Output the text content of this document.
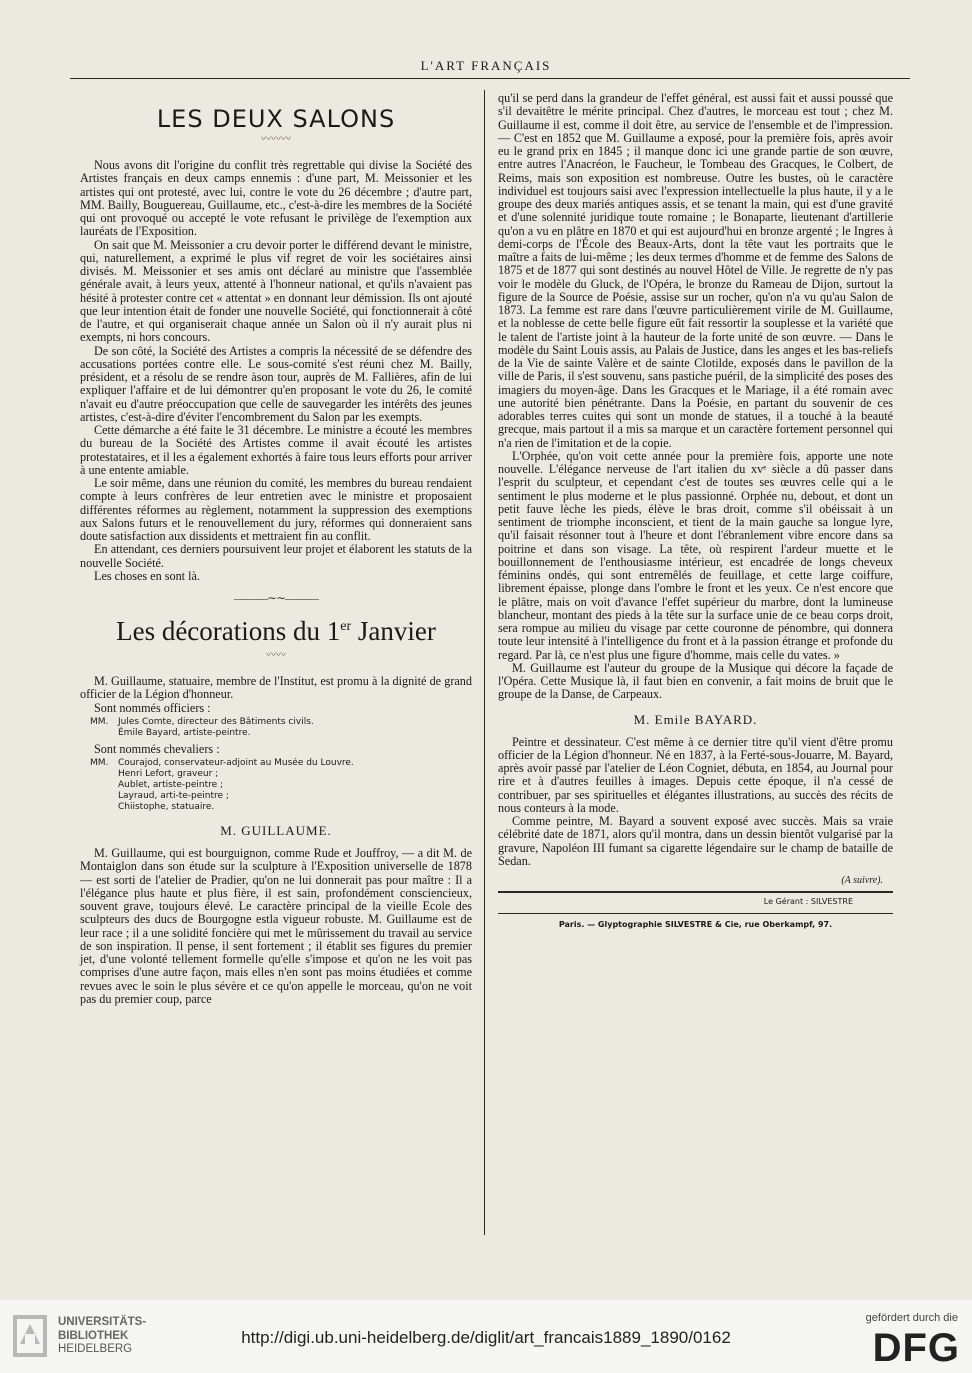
L'ART FRANÇAIS
LES DEUX SALONS
〰〰〰

Nous avons dit l'origine du conflit très regrettable qui divise la Société des Artistes français en deux camps ennemis : d'une part, M. Meissonier et les artistes qui ont protesté, avec lui, contre le vote du 26 décembre ; d'autre part, MM. Bailly, Bouguereau, Guillaume, etc., c'est-à-dire les membres de la Société qui ont provoqué ou accepté le vote refusant le privilège de l'exemption aux lauréats de l'Exposition.

On sait que M. Meissonier a cru devoir porter le différend devant le ministre, qui, naturellement, a exprimé le plus vif regret de voir les sociétaires ainsi divisés. M. Meissonier et ses amis ont déclaré au ministre que l'assemblée générale avait, à leurs yeux, attenté à l'honneur national, et qu'ils n'avaient pas hésité à protester contre cet « attentat » en donnant leur démission. Ils ont ajouté que leur intention était de fonder une nouvelle Société, qui fonctionnerait à côté de l'autre, et qui organiserait chaque année un Salon où il n'y aurait plus ni exempts, ni hors concours.

De son côté, la Société des Artistes a compris la nécessité de se défendre des accusations portées contre elle. Le sous-comité s'est réuni chez M. Bailly, président, et a résolu de se rendre àson tour, auprès de M. Fallières, afin de lui expliquer l'affaire et de lui démontrer qu'en proposant le vote du 26, le comité n'avait eu d'autre préoccupation que celle de sauvegarder les intérêts des jeunes artistes, c'est-à-dire d'éviter l'encombrement du Salon par les exempts.

Cette démarche a été faite le 31 décembre. Le ministre a écouté les membres du bureau de la Société des Artistes comme il avait écouté les artistes protestataires, et il les a également exhortés à faire tous leurs efforts pour arriver à une entente amiable.

Le soir même, dans une réunion du comité, les membres du bureau rendaient compte à leurs confrères de leur entretien avec le ministre et proposaient différentes réformes au règlement, notamment la suppression des exemptions aux Salons futurs et le renouvellement du jury, réformes qui donneraient sans doute satisfaction aux dissidents et mettraient fin au conflit.

En attendant, ces derniers poursuivent leur projet et élaborent les statuts de la nouvelle Société.

Les choses en sont là.

———∼∼———
Les décorations du 1er Janvier
〰〰

M. Guillaume, statuaire, membre de l'Institut, est promu à la dignité de grand officier de la Légion d'honneur.

Sont nommés officiers :

MM. Jules Comte, directeur des Bâtiments civils.
Émile Bayard, artiste-peintre.

Sont nommés chevaliers :

MM. Courajod, conservateur-adjoint au Musée du Louvre.
Henri Lefort, graveur ;
Aublet, artiste-peintre ;
Layraud, arti-te-peintre ;
Chiistophe, statuaire.
M. GUILLAUME.

M. Guillaume, qui est bourguignon, comme Rude et Jouffroy, — a dit M. de Montaiglon dans son étude sur la sculpture à l'Exposition universelle de 1878 — est sorti de l'atelier de Pradier, qu'on ne lui donnerait pas pour maître : Il a l'élégance plus haute et plus fière, il est sain, profondément consciencieux, souvent grave, toujours élevé. Le caractère principal de la vieille Ecole des sculpteurs des ducs de Bourgogne estla vigueur robuste. M. Guillaume est de leur race ; il a une solidité foncière qui met le mûrissement du travail au service de son inspiration. Il pense, il sent fortement ; il établit ses figures du premier jet, d'une volonté tellement formelle qu'elle s'impose et qu'on ne les voit pas comprises d'une autre façon, mais elles n'en sont pas moins étudiées et comme revues avec le soin le plus sévère et ce qu'on appelle le morceau, qu'on ne voit pas du premier coup, parce

qu'il se perd dans la grandeur de l'effet général, est aussi fait et aussi poussé que s'il devaitêtre le mérite principal. Chez d'autres, le morceau est tout ; chez M. Guillaume il est, comme il doit être, au service de l'ensemble et de l'impression. — C'est en 1852 que M. Guillaume a exposé, pour la première fois, après avoir eu le grand prix en 1845 ; il manque donc ici une grande partie de son œuvre, entre autres l'Anacréon, le Faucheur, le Tombeau des Gracques, le Colbert, de Reims, mais son exposition est nombreuse. Outre les bustes, où le caractère individuel est toujours saisi avec l'expression intellectuelle la plus haute, il y a le groupe des deux mariés antiques assis, et se tenant la main, qui est d'une gravité et d'une solennité juridique toute romaine ; le Bonaparte, lieutenant d'artillerie qu'on a vu en plâtre en 1870 et qui est aujourd'hui en bronze argenté ; le Ingres à demi-corps de l'École des Beaux-Arts, dont la tête vaut les portraits que le maître a faits de lui-même ; les deux termes d'homme et de femme des Salons de 1875 et de 1877 qui sont destinés au nouvel Hôtel de Ville. Je regrette de n'y pas voir le modèle du Gluck, de l'Opéra, le bronze du Rameau de Dijon, surtout la figure de la Source de Poésie, assise sur un rocher, qu'on n'a vu qu'au Salon de 1873. La femme est rare dans l'œuvre particulièrement virile de M. Guillaume, et la noblesse de cette belle figure eût fait ressortir la souplesse et la variété que le talent de l'artiste joint à la hauteur de la forte unité de son œuvre. — Dans le modèle du Saint Louis assis, au Palais de Justice, dans les anges et les bas-reliefs de la Vie de sainte Valère et de sainte Clotilde, exposés dans le pavillon de la ville de Paris, il s'est souvenu, sans pastiche puéril, de la simplicité des poses des imagiers du moyen-âge. Dans les Gracques et le Mariage, il a été romain avec une autorité bien pénétrante. Dans la Poésie, en partant du souvenir de ces adorables terres cuites qui sont un monde de statues, il a touché à la beauté grecque, mais partout il a mis sa marque et un caractère fortement personnel qui n'a rien de l'imitation et de la copie.

L'Orphée, qu'on voit cette année pour la première fois, apporte une note nouvelle. L'élégance nerveuse de l'art italien du xvᵉ siècle a dû passer dans l'esprit du sculpteur, et cependant c'est de toutes ses œuvres celle qui a le sentiment le plus moderne et le plus passionné. Orphée nu, debout, et dont un petit fauve lèche les pieds, élève le bras droit, comme s'il obéissait à un sentiment de triomphe inconscient, et tient de la main gauche sa longue lyre, qu'il faisait résonner tout à l'heure et dont l'ébranlement vibre encore dans sa poitrine et dans son visage. La tête, où respirent l'ardeur muette et le bouillonnement de l'enthousiasme intérieur, est encadrée de longs cheveux féminins ondés, qui sont entremêlés de feuillage, et cette large coiffure, librement épaisse, plonge dans l'ombre le front et les yeux. Ce n'est encore que le plâtre, mais on voit d'avance l'effet supérieur du marbre, dont la lumineuse blancheur, montant des pieds à la tête sur la surface unie de ce beau corps droit, sera rompue au milieu du visage par cette couronne de pénombre, qui donnera toute leur intensité à l'intelligence du front et à la passion étrange et profonde du regard. Par là, ce n'est plus une figure d'homme, mais celle du vates. »

M. Guillaume est l'auteur du groupe de la Musique qui décore la façade de l'Opéra. Cette Musique là, il faut bien en convenir, a fait moins de bruit que le groupe de la Danse, de Carpeaux.

M. Emile BAYARD.

Peintre et dessinateur. C'est même à ce dernier titre qu'il vient d'être promu officier de la Légion d'honneur. Né en 1837, à la Ferté-sous-Jouarre, M. Bayard, après avoir passé par l'atelier de Léon Cogniet, débuta, en 1854, au Journal pour rire et à d'autres feuilles à images. Depuis cette époque, il n'a cessé de contribuer, par ses spirituelles et élégantes illustrations, au succès des récits de nous conteurs à la mode.

Comme peintre, M. Bayard a souvent exposé avec succès. Mais sa vraie célébrité date de 1871, alors qu'il montra, dans un dessin bientôt vulgarisé par la gravure, Napoléon III fumant sa cigarette légendaire sur le champ de bataille de Sedan.

(A suivre).
Le Gérant : SILVESTRE
Paris. — Glyptographie SILVESTRE & Cie, rue Oberkampf, 97.
UNIVERSITÄTS-
BIBLIOTHEK
HEIDELBERG
http://digi.ub.uni-heidelberg.de/diglit/art_francais1889_1890/0162
gefördert durch die
DFG
